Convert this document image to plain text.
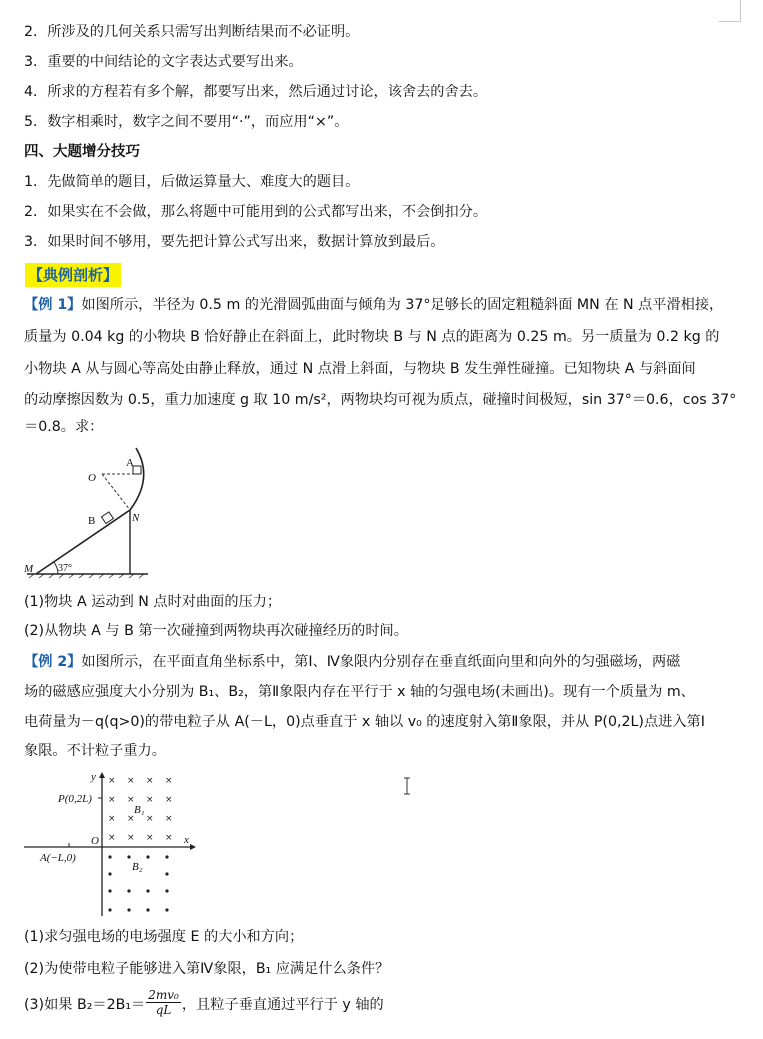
2．所涉及的几何关系只需写出判断结果而不必证明。
3．重要的中间结论的文字表达式要写出来。
4．所求的方程若有多个解，都要写出来，然后通过讨论，该舍去的舍去。
5．数字相乘时，数字之间不要用“·”，而应用“×”。
四、大题增分技巧
1．先做简单的题目，后做运算量大、难度大的题目。
2．如果实在不会做，那么将题中可能用到的公式都写出来，不会倒扣分。
3．如果时间不够用，要先把计算公式写出来，数据计算放到最后。
【典例剖析】
【例 1】如图所示，半径为 0.5 m 的光滑圆弧曲面与倾角为 37°足够长的固定粗糙斜面 MN 在 N 点平滑相接，
质量为 0.04 kg 的小物块 B 恰好静止在斜面上，此时物块 B 与 N 点的距离为 0.25 m。另一质量为 0.2 kg 的
小物块 A 从与圆心等高处由静止释放，通过 N 点滑上斜面，与物块 B 发生弹性碰撞。已知物块 A 与斜面间
的动摩擦因数为 0.5，重力加速度 g 取 10 m/s²，两物块均可视为质点，碰撞时间极短，sin 37°＝0.6，cos 37°
＝0.8。求：
A
O
B	N
M 37°
(1)物块 A 运动到 N 点时对曲面的压力；
(2)从物块 A 与 B 第一次碰撞到两物块再次碰撞经历的时间。
【例 2】如图所示，在平面直角坐标系中，第Ⅰ、Ⅳ象限内分别存在垂直纸面向里和向外的匀强磁场，两磁
场的磁感应强度大小分别为 B₁、B₂，第Ⅱ象限内存在平行于 x 轴的匀强电场(未画出)。现有一个质量为 m、
电荷量为－q(q>0)的带电粒子从 A(－L，0)点垂直于 x 轴以 v₀ 的速度射入第Ⅱ象限，并从 P(0,2L)点进入第Ⅰ
象限。不计粒子重力。
× × × ×
× × × ×
× × × ×
× × × ×
y
x
P(0,2L)
O
A(−L,0)
B₁
B₂
(1)求匀强电场的电场强度 E 的大小和方向；
(2)为使带电粒子能够进入第Ⅳ象限，B₁ 应满足什么条件？
(3)如果 $B_2=2B_1= \frac{\text{2mv₀}}{qL}$ ，且粒子垂直通过平行于 y 轴的
